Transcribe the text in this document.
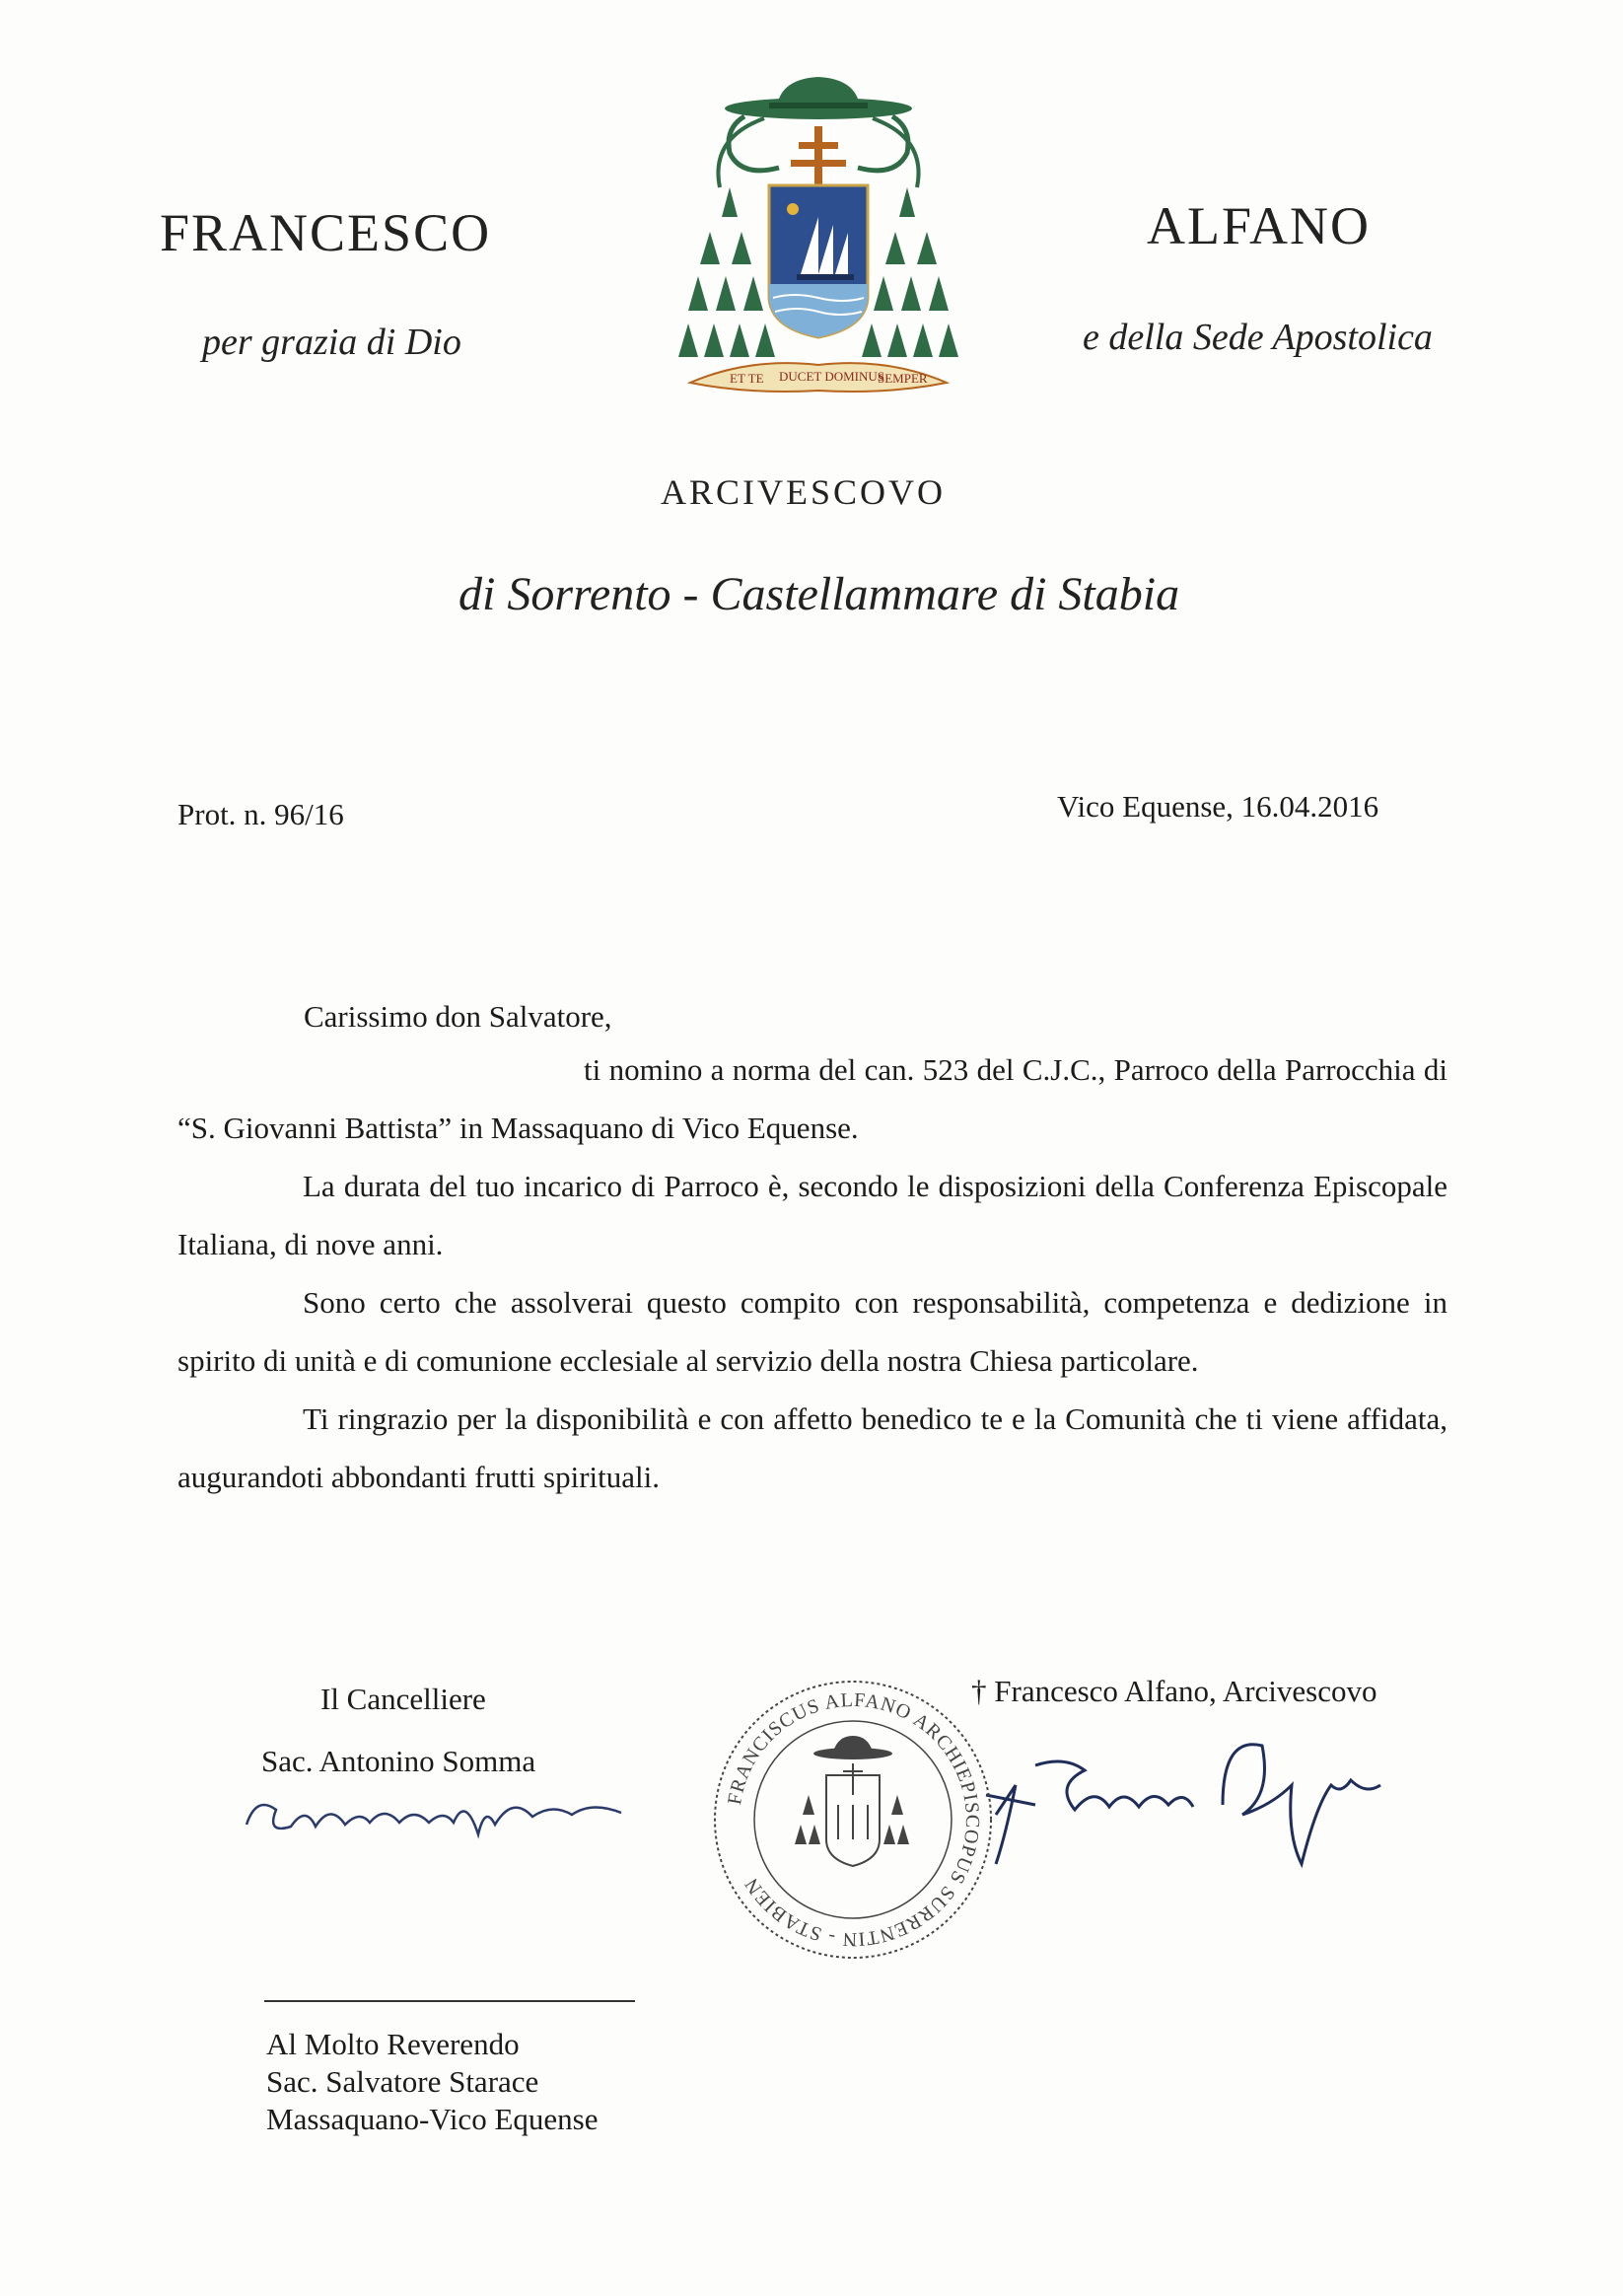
FRANCESCO	ALFANO
per grazia di Dio	e della Sede Apostolica
ET TE DUCET DOMINUS
SEMPER
ARCIVESCOVO
di Sorrento - Castellammare di Stabia
Prot. n. 96/16	Vico Equense, 16.04.2016
Carissimo don Salvatore,

ti nomino a norma del can. 523 del C.J.C., Parroco della Parrocchia di “S. Giovanni Battista” in Massaquano di Vico Equense.

La durata del tuo incarico di Parroco è, secondo le disposizioni della Conferenza Episcopale Italiana, di nove anni.

Sono certo che assolverai questo compito con responsabilità, competenza e dedizione in spirito di unità e di comunione ecclesiale al servizio della nostra Chiesa particolare.

Ti ringrazio per la disponibilità e con affetto benedico te e la Comunità che ti viene affidata, augurandoti abbondanti frutti spirituali.

Il Cancelliere
Sac. Antonino Somma
† Francesco Alfano, Arcivescovo
FRANCISCUS ALFANO ARCHIEPISCOPUS SURRENTIN - STABIEN
Al Molto Reverendo
Sac. Salvatore Starace
Massaquano-Vico Equense
